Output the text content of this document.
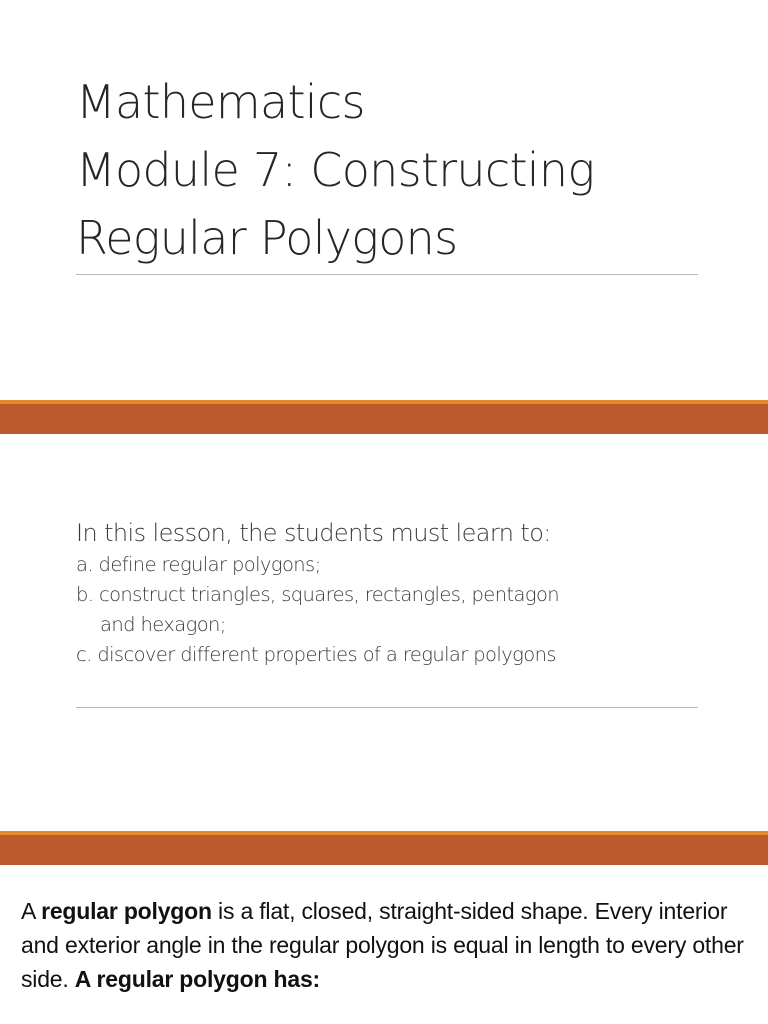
Mathematics
Module 7: Constructing
Regular Polygons
In this lesson, the students must learn to:
a. define regular polygons;
b. construct triangles, squares, rectangles, pentagon
and hexagon;
c. discover different properties of a regular polygons

A regular polygon is a flat, closed, straight-sided shape. Every interior and exterior angle in the regular polygon is equal in length to every other side. A regular polygon has:
